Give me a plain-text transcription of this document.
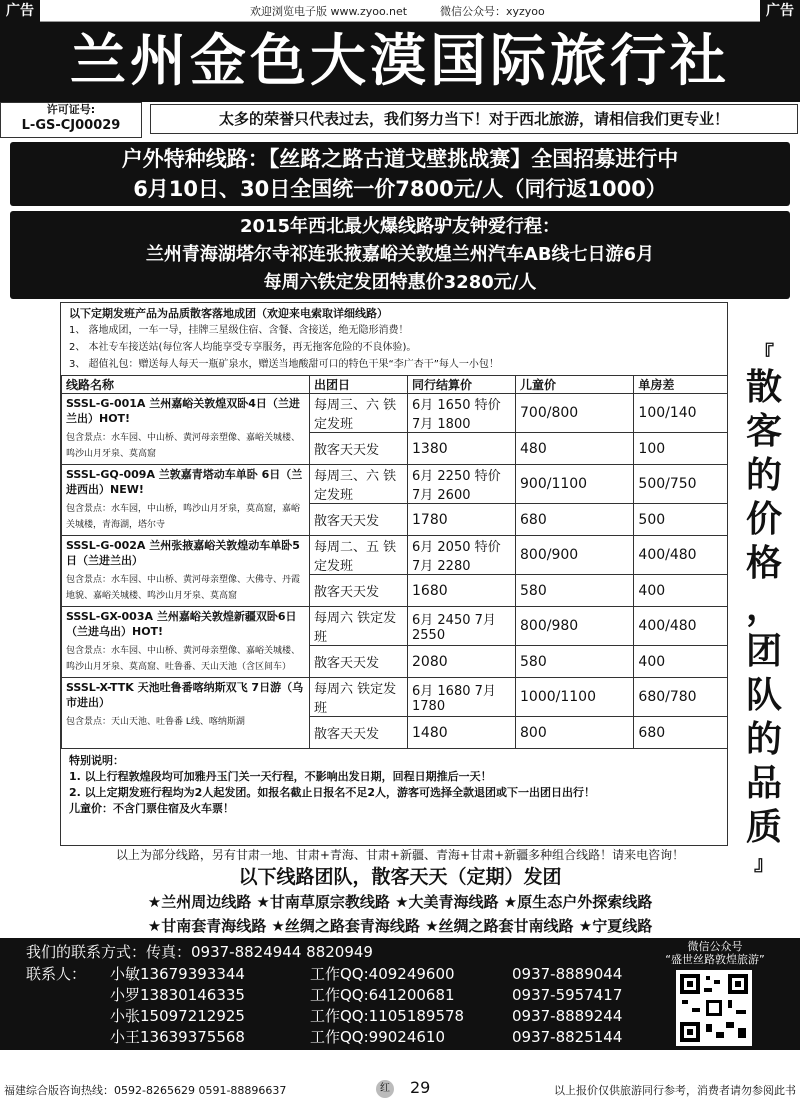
广告	广告
欢迎浏览电子版 www.zyoo.net	微信公众号：xyzyoo
兰州金色大漠国际旅行社
许可证号:
L-GS-CJ00029	太多的荣誉只代表过去，我们努力当下！对于西北旅游，请相信我们更专业！
户外特种线路：【丝路之路古道戈壁挑战赛】全国招募进行中
6月10日、30日全国统一价7800元/人（同行返1000）
2015年西北最火爆线路驴友钟爱行程：
兰州青海湖塔尔寺祁连张掖嘉峪关敦煌兰州汽车AB线七日游6月
每周六铁定发团特惠价3280元/人
以下定期发班产品为品质散客落地成团（欢迎来电索取详细线路）
1、 落地成团，一车一导，挂牌三星级住宿、含餐、含接送，绝无隐形消费！
2、 本社专车接送站(每位客人均能享受专享服务，再无拖客危险的不良体验)。
3、 超值礼包：赠送每人每天一瓶矿泉水，赠送当地酸甜可口的特色干果“李广杏干”每人一小包！
线路名称	出团日	同行结算价	儿童价	单房差
SSSL-G-001A 兰州嘉峪关敦煌双卧4日（兰进兰出）HOT!
包含景点：水车园、中山桥、黄河母亲塑像、嘉峪关城楼、鸣沙山月牙泉、莫高窟	每周三、六 铁定发班	6月 1650 特价 7月 1800	700/800	100/140
	散客天天发	1380	480	100
SSSL-GQ-009A 兰敦嘉青塔动车单卧 6日（兰进西出）NEW!
包含景点：水车园，中山桥，鸣沙山月牙泉，莫高窟，嘉峪关城楼，青海湖，塔尔寺	每周三、六 铁定发班	6月 2250 特价 7月 2600	900/1100	500/750
	散客天天发	1780	680	500
SSSL-G-002A 兰州张掖嘉峪关敦煌动车单卧5日（兰进兰出）
包含景点：水车园、中山桥、黄河母亲塑像、大佛寺、丹霞地貌、嘉峪关城楼、鸣沙山月牙泉、莫高窟	每周二、五 铁定发班	6月 2050 特价 7月 2280	800/900	400/480
	散客天天发	1680	580	400
SSSL-GX-003A 兰州嘉峪关敦煌新疆双卧6日（兰进乌出）HOT!
包含景点：水车园、中山桥、黄河母亲塑像、嘉峪关城楼、鸣沙山月牙泉、莫高窟、吐鲁番、天山天池（含区间车）	每周六 铁定发班	6月 2450 7月 2550	800/980	400/480
	散客天天发	2080	580	400
SSSL-X-TTK 天池吐鲁番喀纳斯双飞 7日游（乌市进出）
包含景点：天山天池、吐鲁番 L线、喀纳斯湖	每周六 铁定发班	6月 1680 7月 1780	1000/1100	680/780
	散客天天发	1480	800	680
特别说明：
1. 以上行程敦煌段均可加雅丹玉门关一天行程，不影响出发日期，回程日期推后一天！
2. 以上定期发班行程均为2人起发团。如报名截止日报名不足2人，游客可选择全款退团或下一出团日出行！
儿童价：不含门票住宿及火车票！
『
散
客
的
价
格
，
团
队
的
品
质
』
以上为部分线路，另有甘肃一地、甘肃+青海、甘肃+新疆、青海+甘肃+新疆多种组合线路！请来电咨询！
以下线路团队，散客天天（定期）发团
★兰州周边线路 ★甘南草原宗教线路 ★大美青海线路 ★原生态户外探索线路
★甘南套青海线路 ★丝绸之路套青海线路 ★丝绸之路套甘南线路 ★宁夏线路
我们的联系方式：传真：0937-8824944 8820949
联系人： 小敏13679393344	工作QQ:409249600	0937-8889044
小罗13830146335	工作QQ:641200681	0937-5957417
小张15097212925	工作QQ:1105189578	0937-8889244
小王13639375568	工作QQ:99024610	0937-8825144
微信公众号
“盛世丝路敦煌旅游”
福建综合版咨询热线：0592-8265629 0591-88896637	红 29	以上报价仅供旅游同行参考，消费者请勿参阅此书
